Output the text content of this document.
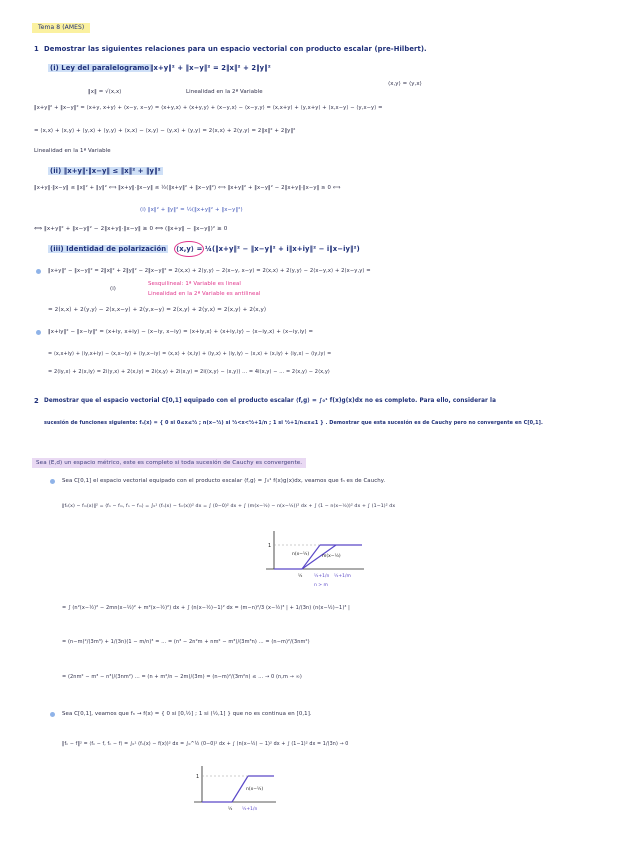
Tema 8 (AMES)
1 Demostrar las siguientes relaciones para un espacio vectorial con producto escalar (pre-Hilbert).
(i) Ley del paralelogramo ‖x+y‖² + ‖x−y‖² = 2‖x‖² + 2‖y‖²
‖x‖ = √⟨x,x⟩	Linealidad en la 2ª Variable
⟨x,y⟩ = ⟨y,x⟩
‖x+y‖² + ‖x−y‖² = ⟨x+y, x+y⟩ + ⟨x−y, x−y⟩ = ⟨x+y,x⟩ + ⟨x+y,y⟩ + ⟨x−y,x⟩ − ⟨x−y,y⟩ = ⟨x,x+y⟩ + ⟨y,x+y⟩ + ⟨x,x−y⟩ − ⟨y,x−y⟩ =
= ⟨x,x⟩ + ⟨x,y⟩ + ⟨y,x⟩ + ⟨y,y⟩ + ⟨x,x⟩ − ⟨x,y⟩ − ⟨y,x⟩ + ⟨y,y⟩ = 2⟨x,x⟩ + 2⟨y,y⟩ = 2‖x‖² + 2‖y‖²
Linealidad en la 1ª Variable
(ii) ‖x+y‖·‖x−y‖ ≤ ‖x‖² + ‖y‖²
‖x+y‖·‖x−y‖ ≤ ‖x‖² + ‖y‖² ⟺ ‖x+y‖·‖x−y‖ ≤ ½(‖x+y‖² + ‖x−y‖²) ⟺ ‖x+y‖² + ‖x−y‖² − 2‖x+y‖·‖x−y‖ ≥ 0 ⟺
(i) ‖x‖² + ‖y‖² = ½(‖x+y‖² + ‖x−y‖²)
⟺ ‖x+y‖² + ‖x−y‖² − 2‖x+y‖·‖x−y‖ ≥ 0 ⟺ (‖x+y‖ − ‖x−y‖)² ≥ 0
(iii) Identidad de polarización ⟨x,y⟩ = ¼(‖x+y‖² − ‖x−y‖² + i‖x+iy‖² − i‖x−iy‖²)
‖x+y‖² − ‖x−y‖² = 2‖x‖² + 2‖y‖² − 2‖x−y‖² = 2⟨x,x⟩ + 2⟨y,y⟩ − 2⟨x−y, x−y⟩ = 2⟨x,x⟩ + 2⟨y,y⟩ − 2⟨x−y,x⟩ + 2⟨x−y,y⟩ =
(i)
Sesquilineal: 1ª Variable es lineal
Linealidad en la 2ª Variable es antilineal
= 2⟨x,x⟩ + 2⟨y,y⟩ − 2⟨x,x−y⟩ + 2⟨y,x−y⟩ = 2⟨x,y⟩ + 2⟨y,x⟩ = 2⟨x,y⟩ + 2⟨x,y⟩
‖x+iy‖² − ‖x−iy‖² = ⟨x+iy, x+iy⟩ − ⟨x−iy, x−iy⟩ = ⟨x+iy,x⟩ + ⟨x+iy,iy⟩ − ⟨x−iy,x⟩ + ⟨x−iy,iy⟩ =
= ⟨x,x+iy⟩ + ⟨iy,x+iy⟩ − ⟨x,x−iy⟩ + ⟨iy,x−iy⟩ = ⟨x,x⟩ + ⟨x,iy⟩ + ⟨iy,x⟩ + ⟨iy,iy⟩ − ⟨x,x⟩ + ⟨x,iy⟩ + ⟨iy,x⟩ − ⟨iy,iy⟩ =
= 2⟨iy,x⟩ + 2⟨x,iy⟩ = 2i⟨y,x⟩ + 2⟨x,iy⟩ = 2i⟨x,y⟩ + 2i⟨x,y⟩ = 2i(⟨x,y⟩ − ⟨x,y⟩) ... = 4i⟨x,y⟩ − ... = 2⟨x,y⟩ − 2⟨x,y⟩
2 Demostrar que el espacio vectorial C[0,1] equipado con el producto escalar ⟨f,g⟩ = ∫₀¹ f(x)g(x)dx no es completo. Para ello, considerar la
sucesión de funciones siguiente: fₙ(x) = { 0 si 0≤x≤½ ; n(x−½) si ½<x<½+1/n ; 1 si ½+1/n≤x≤1 } . Demostrar que esta sucesión es de Cauchy pero no convergente en C[0,1].
Sea (E,d) un espacio métrico, este es completo si toda sucesión de Cauchy es convergente.
Sea C[0,1] el espacio vectorial equipado con el producto escalar ⟨f,g⟩ = ∫₀¹ f(x)g(x)dx, veamos que fₙ es de Cauchy.
‖fₙ(x) − fₘ(x)‖² = ⟨fₙ − fₘ, fₙ − fₘ⟩ = ∫₀¹ (fₙ(x) − fₘ(x))² dx = ∫ (0−0)² dx + ∫ (m(x−½) − n(x−½))² dx + ∫ (1 − n(x−½))² dx + ∫ (1−1)² dx
1
½	½+1/n ½+1/m
m(x−½)
n(x−½)
n > m
= ∫ (n²(x−½)² − 2mn(x−½)² + m²(x−½)²) dx + ∫ (n(x−½)−1)² dx = (m−n)²/3 (x−½)³ | + 1/(3n) (n(x−½)−1)³ |
= (n−m)²/(3m³) + 1/(3n)(1 − m/n)³ = ... = (n³ − 2n²m + nm² − m³)/(3m³n) ... = (n−m)²/(3nm²)
= (2nm² − m³ − n³)/(3nm²) ... = (n + m²/n − 2m)/(3m) = (n−m)²/(3m²n) ≤ ... → 0 (n,m → ∞)
Sea C[0,1], veamos que fₙ → f(x) = { 0 si [0,½] ; 1 si (½,1] } que no es continua en [0,1].
‖fₙ − f‖² = ⟨fₙ − f, fₙ − f⟩ = ∫₀¹ (fₙ(x) − f(x))² dx = ∫₀^½ (0−0)² dx + ∫ (n(x−½) − 1)² dx + ∫ (1−1)² dx = 1/(3n) → 0
1
½ ½+1/n
n(x−½)
